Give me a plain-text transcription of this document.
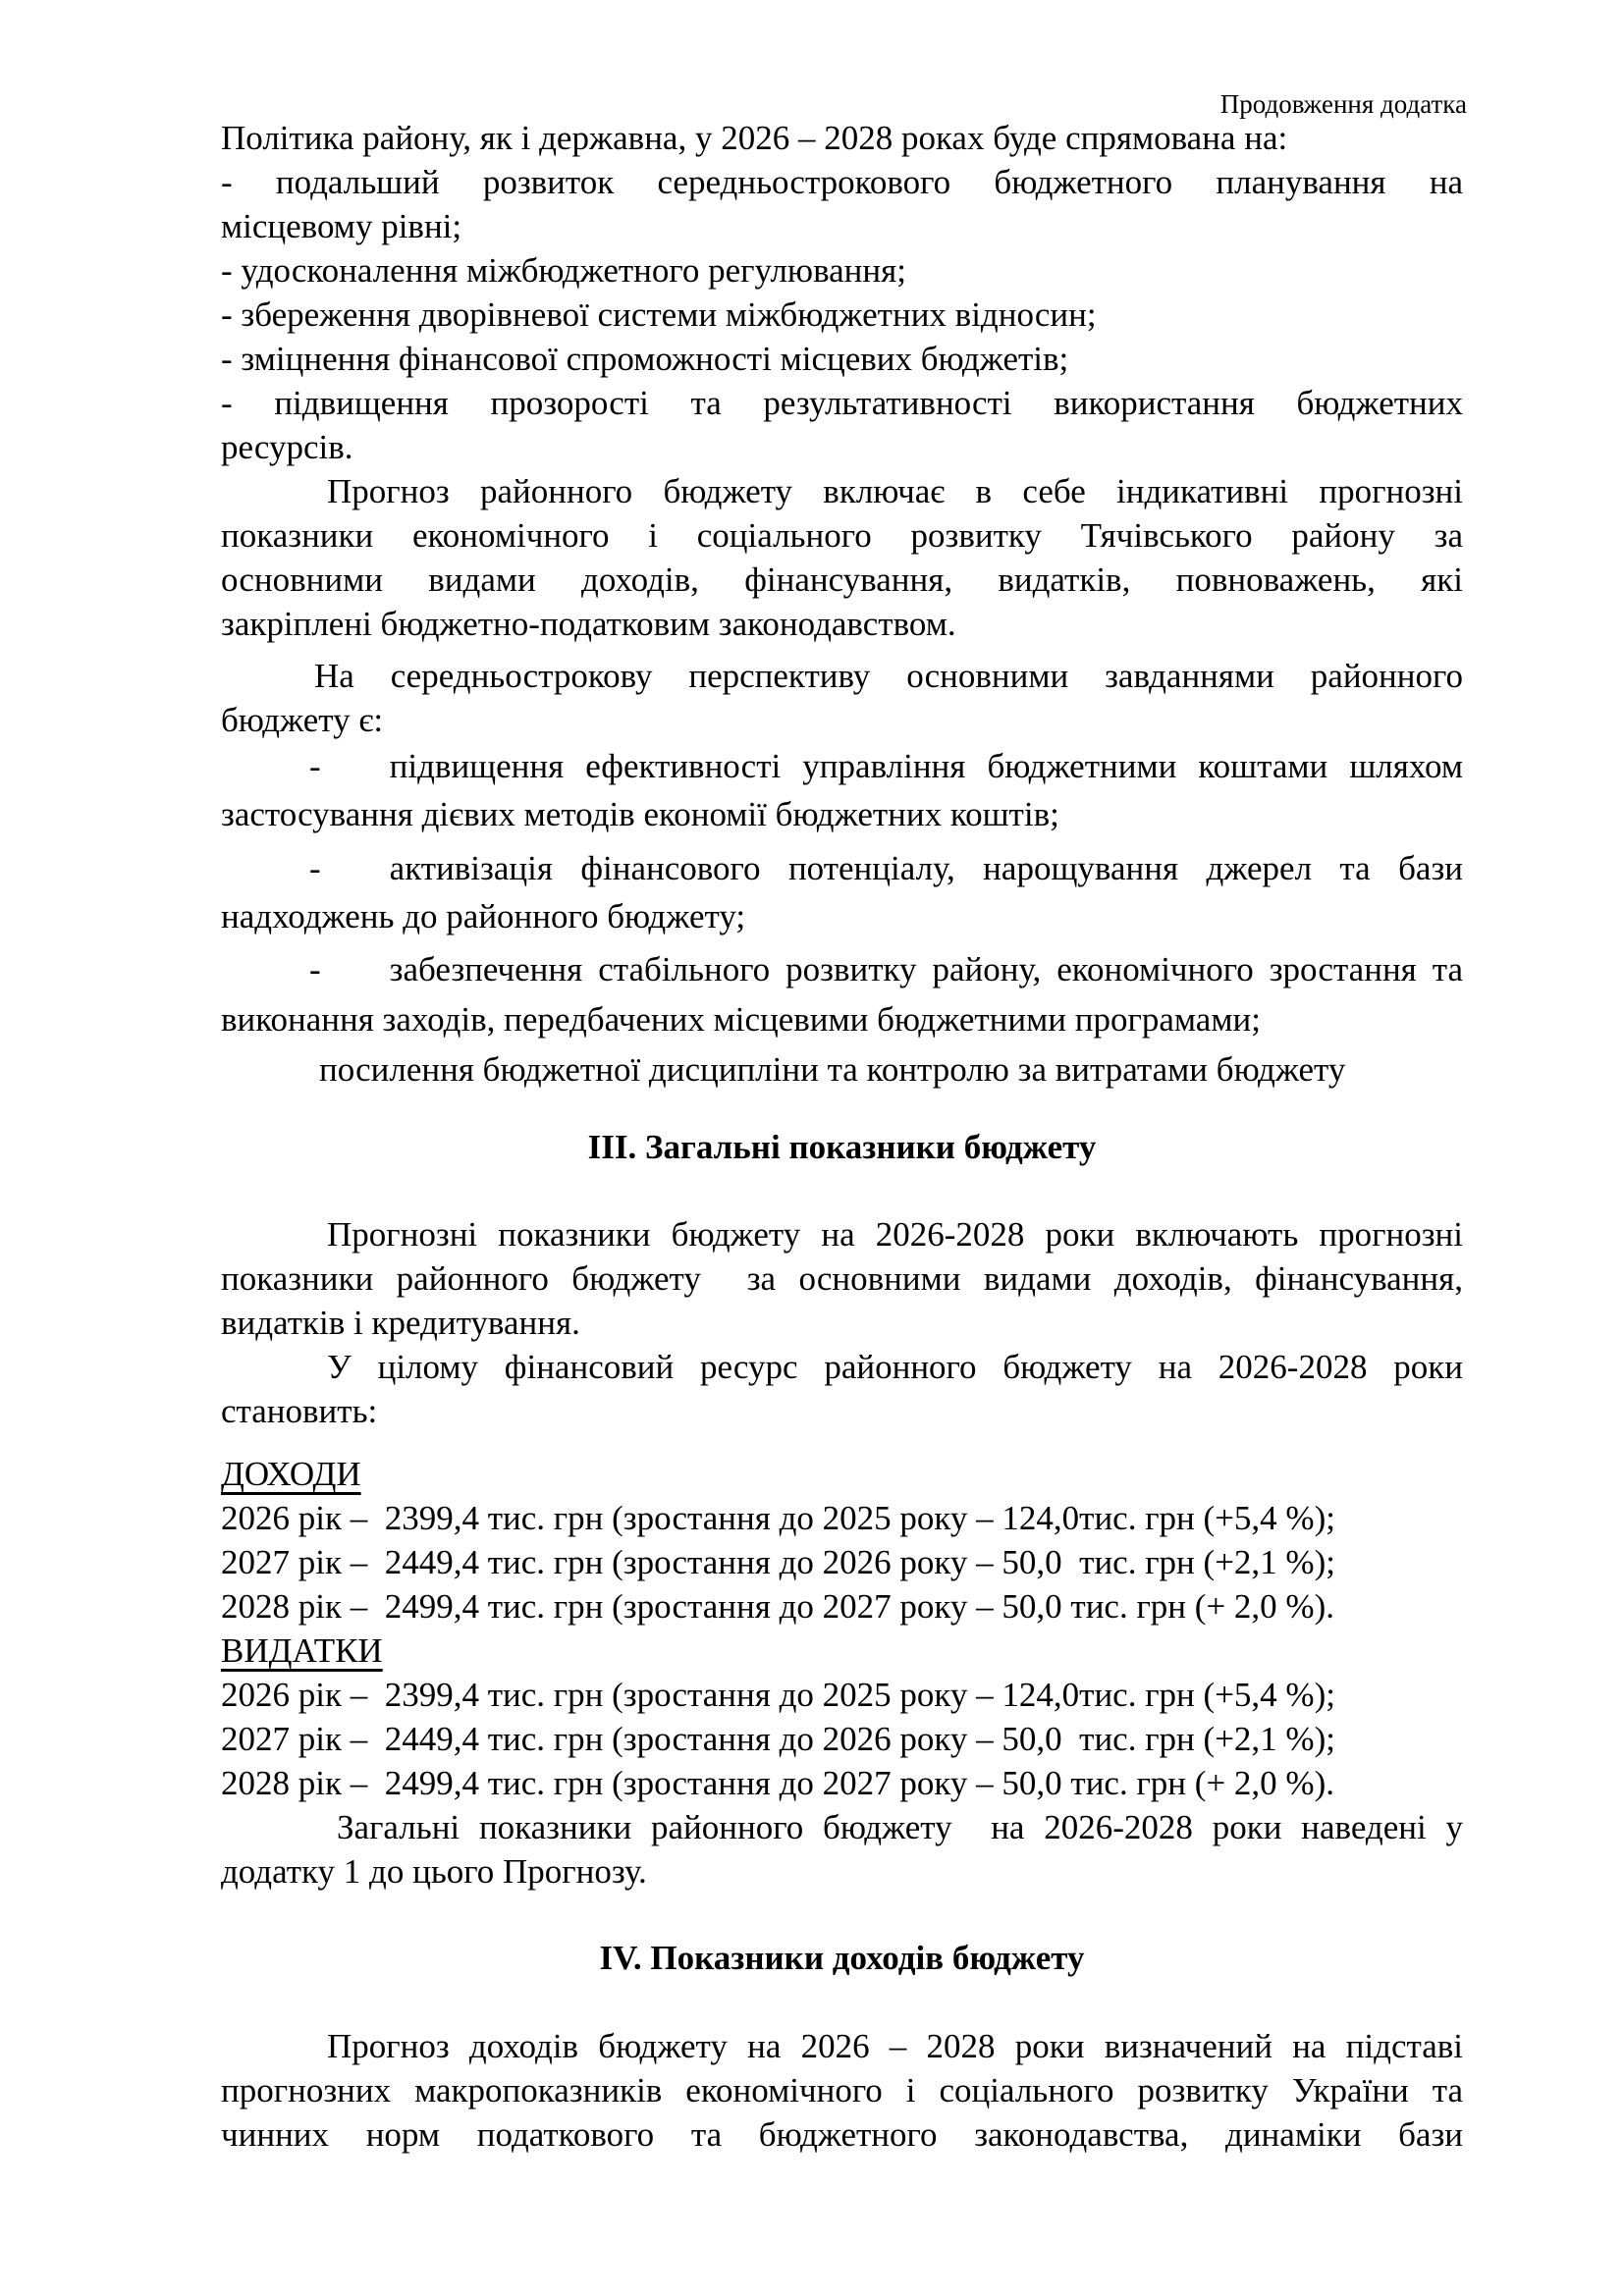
Продовження додатка
Політика району, як і державна, у 2026 – 2028 роках буде спрямована на:
- подальший розвиток середньострокового бюджетного планування на
місцевому рівні;
- удосконалення міжбюджетного регулювання;
- збереження дворівневої системи міжбюджетних відносин;
- зміцнення фінансової спроможності місцевих бюджетів;
- підвищення прозорості та результативності використання бюджетних
ресурсів.
Прогноз районного бюджету включає в себе індикативні прогнозні
показники економічного і соціального розвитку Тячівського району за
основними видами доходів, фінансування, видатків, повноважень, які
закріплені бюджетно-податковим законодавством.
На середньострокову перспективу основними завданнями районного
бюджету є:
- підвищення ефективності управління бюджетними коштами шляхом
застосування дієвих методів економії бюджетних коштів;
- активізація фінансового потенціалу, нарощування джерел та бази
надходжень до районного бюджету;
- забезпечення стабільного розвитку району, економічного зростання та
виконання заходів, передбачених місцевими бюджетними програмами;
посилення бюджетної дисципліни та контролю за витратами бюджету
III. Загальні показники бюджету
Прогнозні показники бюджету на 2026-2028 роки включають прогнозні
показники районного бюджету  за основними видами доходів, фінансування,
видатків і кредитування.
У цілому фінансовий ресурс районного бюджету на 2026-2028 роки
становить:
ДОХОДИ
2026 рік –  2399,4 тис. грн (зростання до 2025 року – 124,0тис. грн (+5,4 %);
2027 рік –  2449,4 тис. грн (зростання до 2026 року – 50,0  тис. грн (+2,1 %);
2028 рік –  2499,4 тис. грн (зростання до 2027 року – 50,0 тис. грн (+ 2,0 %).
ВИДАТКИ
2026 рік –  2399,4 тис. грн (зростання до 2025 року – 124,0тис. грн (+5,4 %);
2027 рік –  2449,4 тис. грн (зростання до 2026 року – 50,0  тис. грн (+2,1 %);
2028 рік –  2499,4 тис. грн (зростання до 2027 року – 50,0 тис. грн (+ 2,0 %).
Загальні показники районного бюджету  на 2026-2028 роки наведені у
додатку 1 до цього Прогнозу.
IV. Показники доходів бюджету
Прогноз доходів бюджету на 2026 – 2028 роки визначений на підставі
прогнозних макропоказників економічного і соціального розвитку України та
чинних норм податкового та бюджетного законодавства, динаміки бази
